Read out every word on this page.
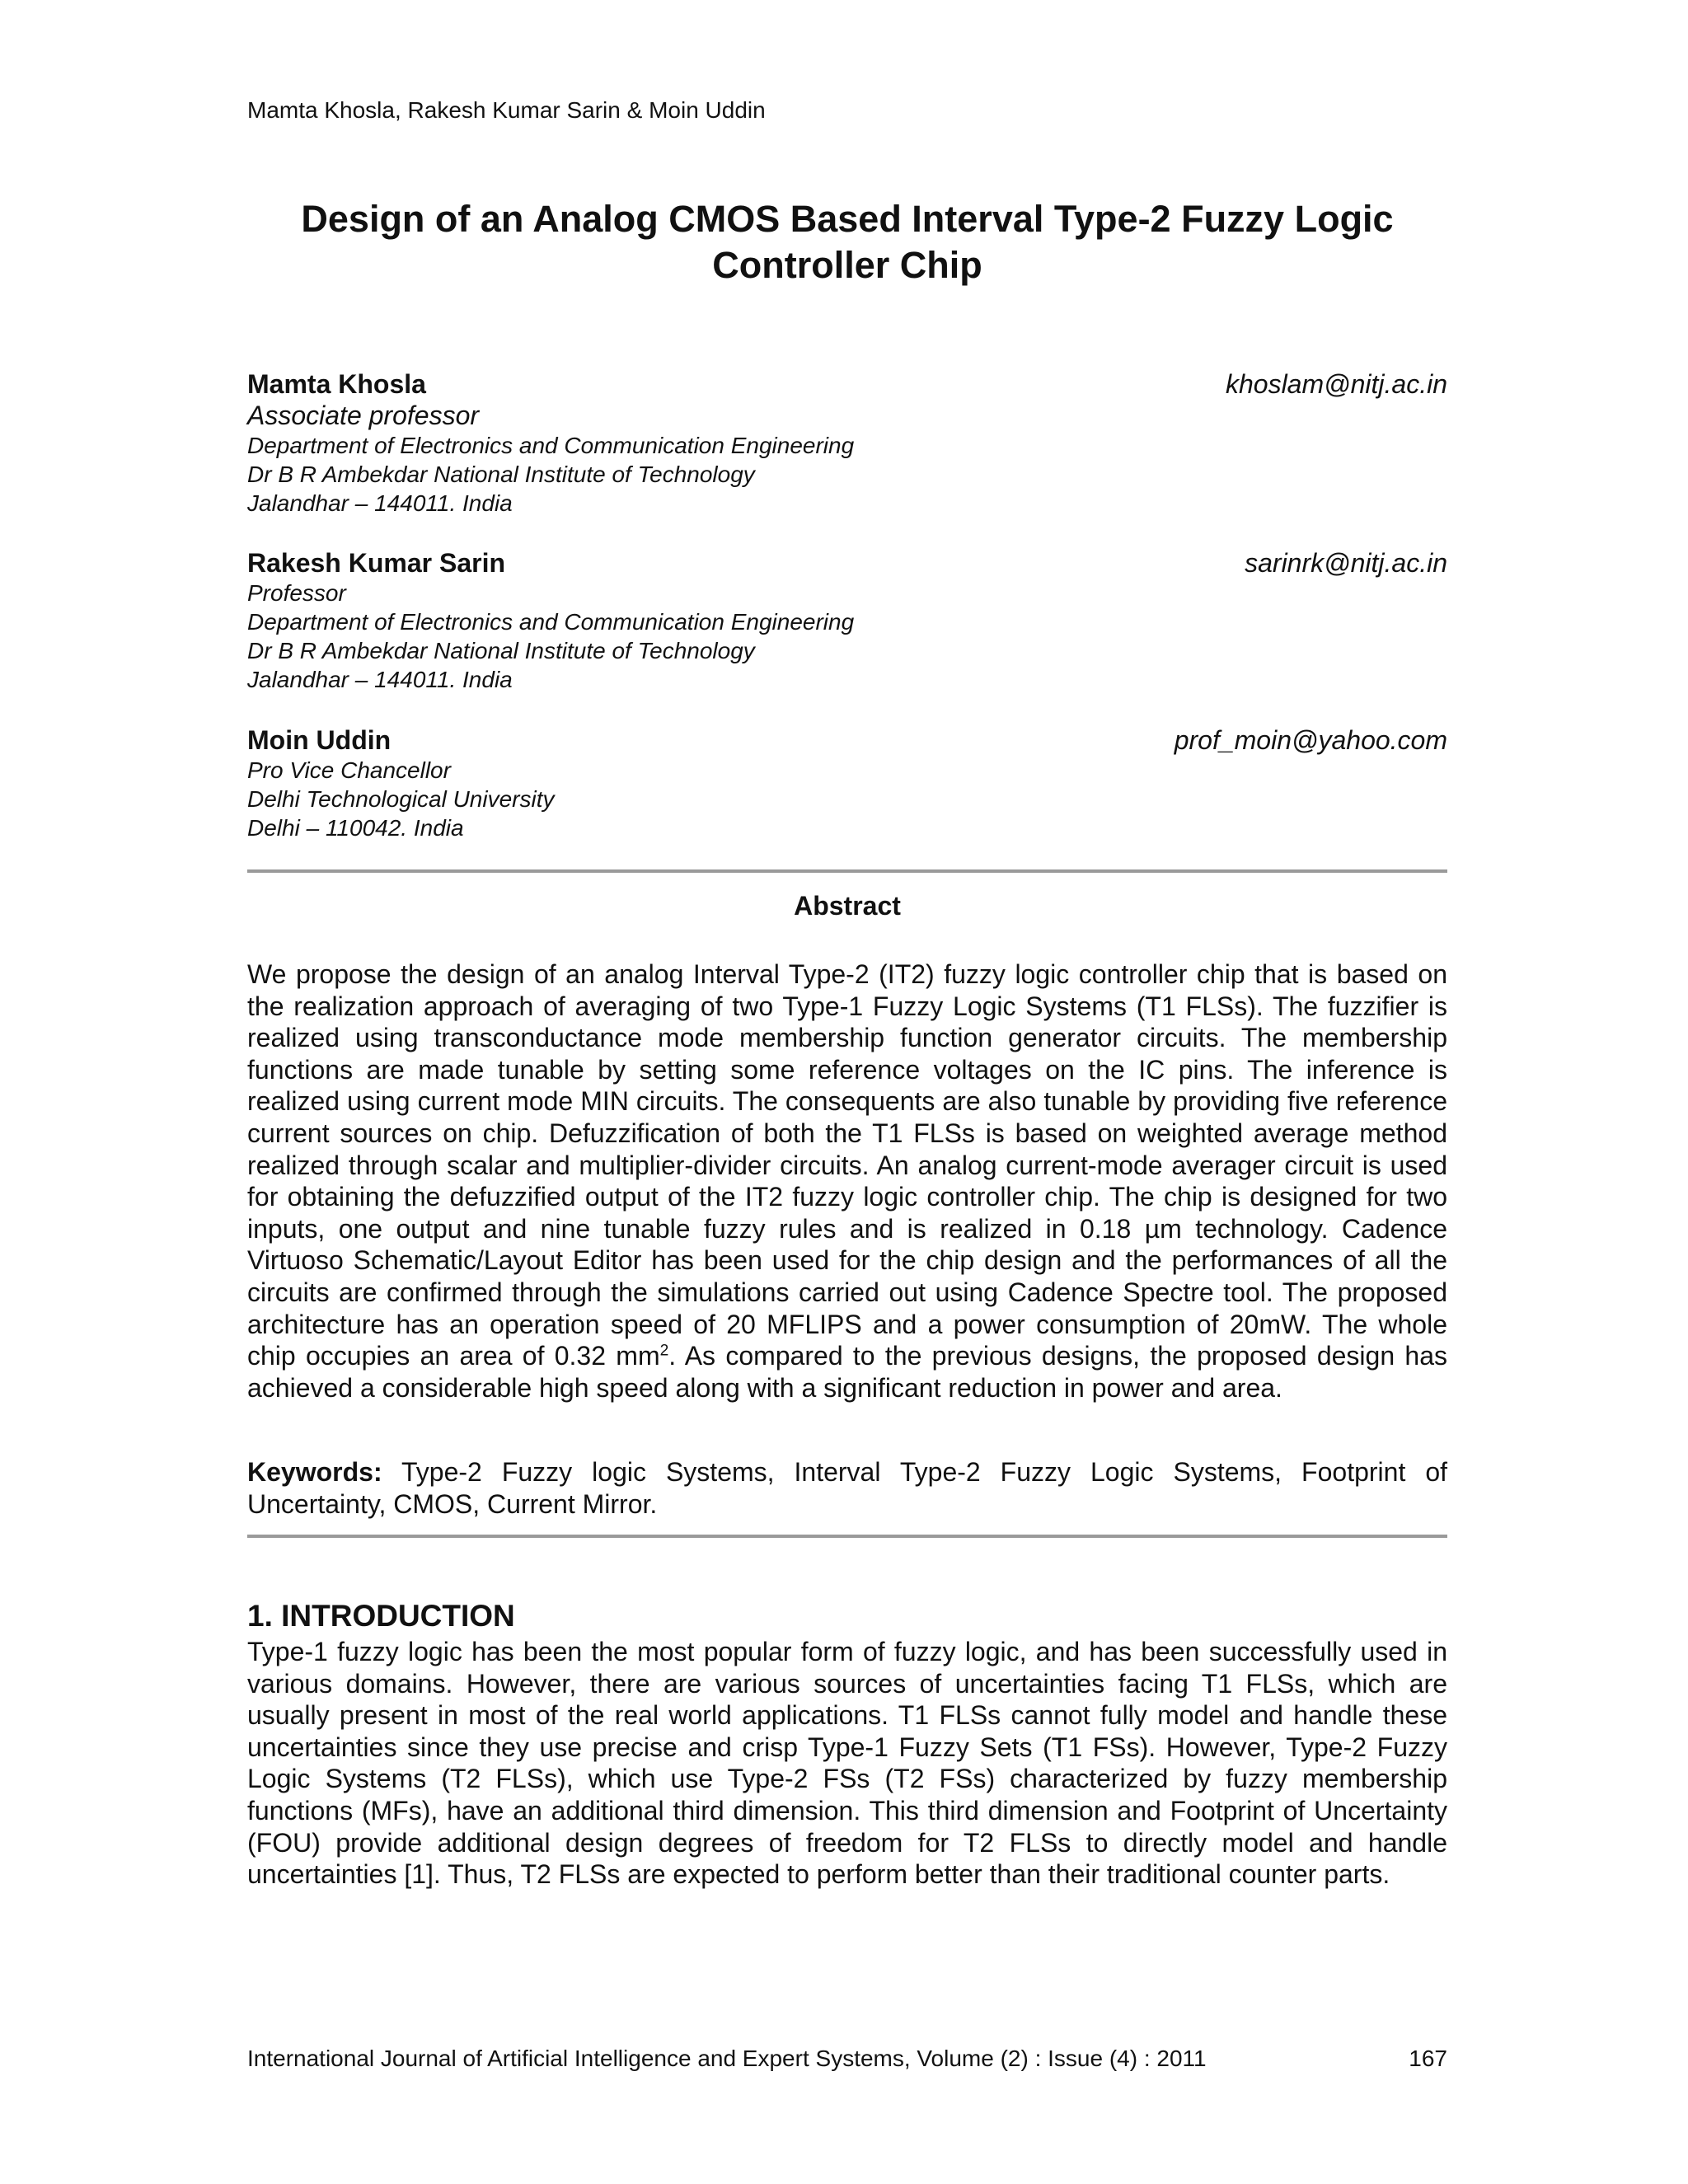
Mamta Khosla, Rakesh Kumar Sarin & Moin Uddin
Design of an Analog CMOS Based Interval Type-2 Fuzzy Logic
Controller Chip
Mamta Khosla	khoslam@nitj.ac.in
Associate professor
Department of Electronics and Communication Engineering
Dr B R Ambekdar National Institute of Technology
Jalandhar – 144011. India
Rakesh Kumar Sarin	sarinrk@nitj.ac.in
Professor
Department of Electronics and Communication Engineering
Dr B R Ambekdar National Institute of Technology
Jalandhar – 144011. India
Moin Uddin	prof_moin@yahoo.com
Pro Vice Chancellor
Delhi Technological University
Delhi – 110042. India
Abstract

We propose the design of an analog Interval Type-2 (IT2) fuzzy logic controller chip that is based on the realization approach of averaging of two Type-1 Fuzzy Logic Systems (T1 FLSs). The fuzzifier is realized using transconductance mode membership function generator circuits. The membership functions are made tunable by setting some reference voltages on the IC pins. The inference is realized using current mode MIN circuits. The consequents are also tunable by providing five reference current sources on chip. Defuzzification of both the T1 FLSs is based on weighted average method realized through scalar and multiplier-divider circuits. An analog current-mode averager circuit is used for obtaining the defuzzified output of the IT2 fuzzy logic controller chip. The chip is designed for two inputs, one output and nine tunable fuzzy rules and is realized in 0.18 µm technology. Cadence Virtuoso Schematic/Layout Editor has been used for the chip design and the performances of all the circuits are confirmed through the simulations carried out using Cadence Spectre tool. The proposed architecture has an operation speed of 20 MFLIPS and a power consumption of 20mW. The whole chip occupies an area of 0.32 $mm^2$. As compared to the previous designs, the proposed design has achieved a considerable high speed along with a significant reduction in power and area.

Keywords: Type-2 Fuzzy logic Systems, Interval Type-2 Fuzzy Logic Systems, Footprint of Uncertainty, CMOS, Current Mirror.

1. INTRODUCTION

Type-1 fuzzy logic has been the most popular form of fuzzy logic, and has been successfully used in various domains. However, there are various sources of uncertainties facing T1 FLSs, which are usually present in most of the real world applications. T1 FLSs cannot fully model and handle these uncertainties since they use precise and crisp Type-1 Fuzzy Sets (T1 FSs). However, Type-2 Fuzzy Logic Systems (T2 FLSs), which use Type-2 FSs (T2 FSs) characterized by fuzzy membership functions (MFs), have an additional third dimension. This third dimension and Footprint of Uncertainty (FOU) provide additional design degrees of freedom for T2 FLSs to directly model and handle uncertainties [1]. Thus, T2 FLSs are expected to perform better than their traditional counter parts.

International Journal of Artificial Intelligence and Expert Systems, Volume (2) : Issue (4) : 2011	167
